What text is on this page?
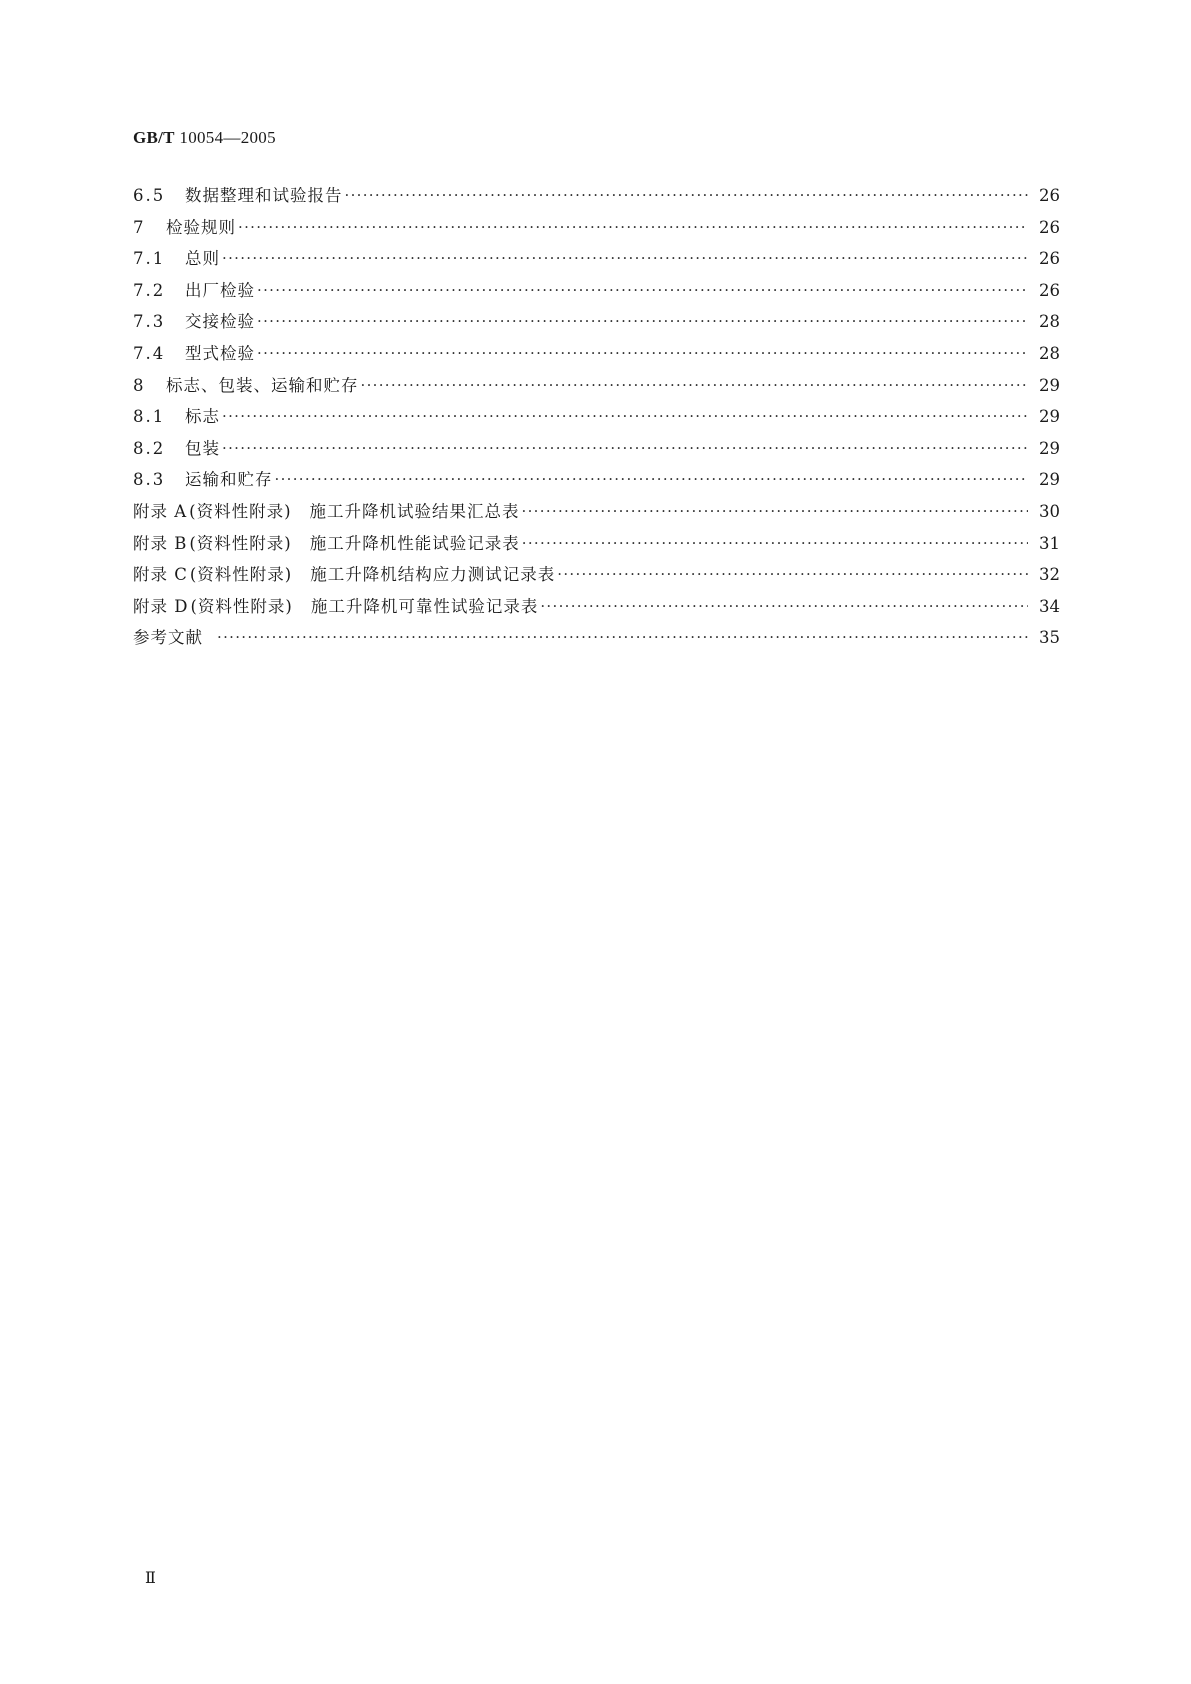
GB/T 10054—2005
6.5	数据整理和试验报告 ·····	26
7	检验规则 ·····	26
7.1	总则 ·····	26
7.2	出厂检验 ·····	26
7.3	交接检验 ·····	28
7.4	型式检验 ·····	28
8	标志、包装、运输和贮存 ·····	29
8.1	标志 ·····	29
8.2	包装 ·····	29
8.3	运输和贮存 ·····	29
附录 A (资料性附录) 施工升降机试验结果汇总表 ·····	30
附录 B (资料性附录) 施工升降机性能试验记录表 ·····	31
附录 C (资料性附录) 施工升降机结构应力测试记录表 ·····	32
附录 D (资料性附录) 施工升降机可靠性试验记录表 ·····	34
参考文献 ·····	35
Ⅱ
